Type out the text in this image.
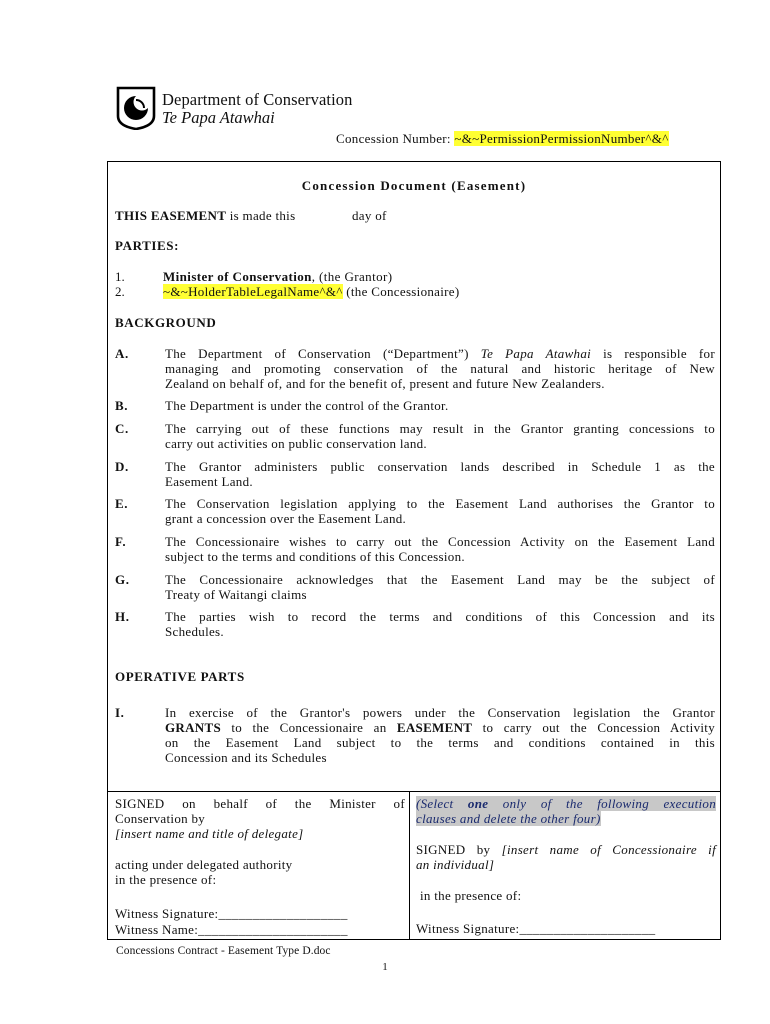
Department of Conservation
Te Papa Atawhai
Concession Number: ~&~PermissionPermissionNumber^&^
Concession Document (Easement)
THIS EASEMENT is made this	day of
PARTIES:
1.	Minister of Conservation, (the Grantor)
2.	~&~HolderTableLegalName^&^ (the Concessionaire)
BACKGROUND
A.	The Department of Conservation (“Department”) Te Papa Atawhai is responsible for
managing and promoting conservation of the natural and historic heritage of New
Zealand on behalf of, and for the benefit of, present and future New Zealanders.
B.	The Department is under the control of the Grantor.
C.	The carrying out of these functions may result in the Grantor granting concessions to
carry out activities on public conservation land.
D.	The Grantor administers public conservation lands described in Schedule 1 as the
Easement Land.
E.	The Conservation legislation applying to the Easement Land authorises the Grantor to
grant a concession over the Easement Land.
F.	The Concessionaire wishes to carry out the Concession Activity on the Easement Land
subject to the terms and conditions of this Concession.
G.	The Concessionaire acknowledges that the Easement Land may be the subject of
Treaty of Waitangi claims
H.	The parties wish to record the terms and conditions of this Concession and its
Schedules.
OPERATIVE PARTS
I.	In exercise of the Grantor's powers under the Conservation legislation the Grantor
GRANTS to the Concessionaire an EASEMENT to carry out the Concession Activity
on the Easement Land subject to the terms and conditions contained in this
Concession and its Schedules
SIGNED on behalf of the Minister of
Conservation by
[insert name and title of delegate]
acting under delegated authority
in the presence of:
Witness Signature:___________________
Witness Name:______________________
(Select one only of the following execution
clauses and delete the other four)
SIGNED by [insert name of Concessionaire if
an individual]
in the presence of:
Witness Signature:____________________
Concessions Contract - Easement Type D.doc
1
